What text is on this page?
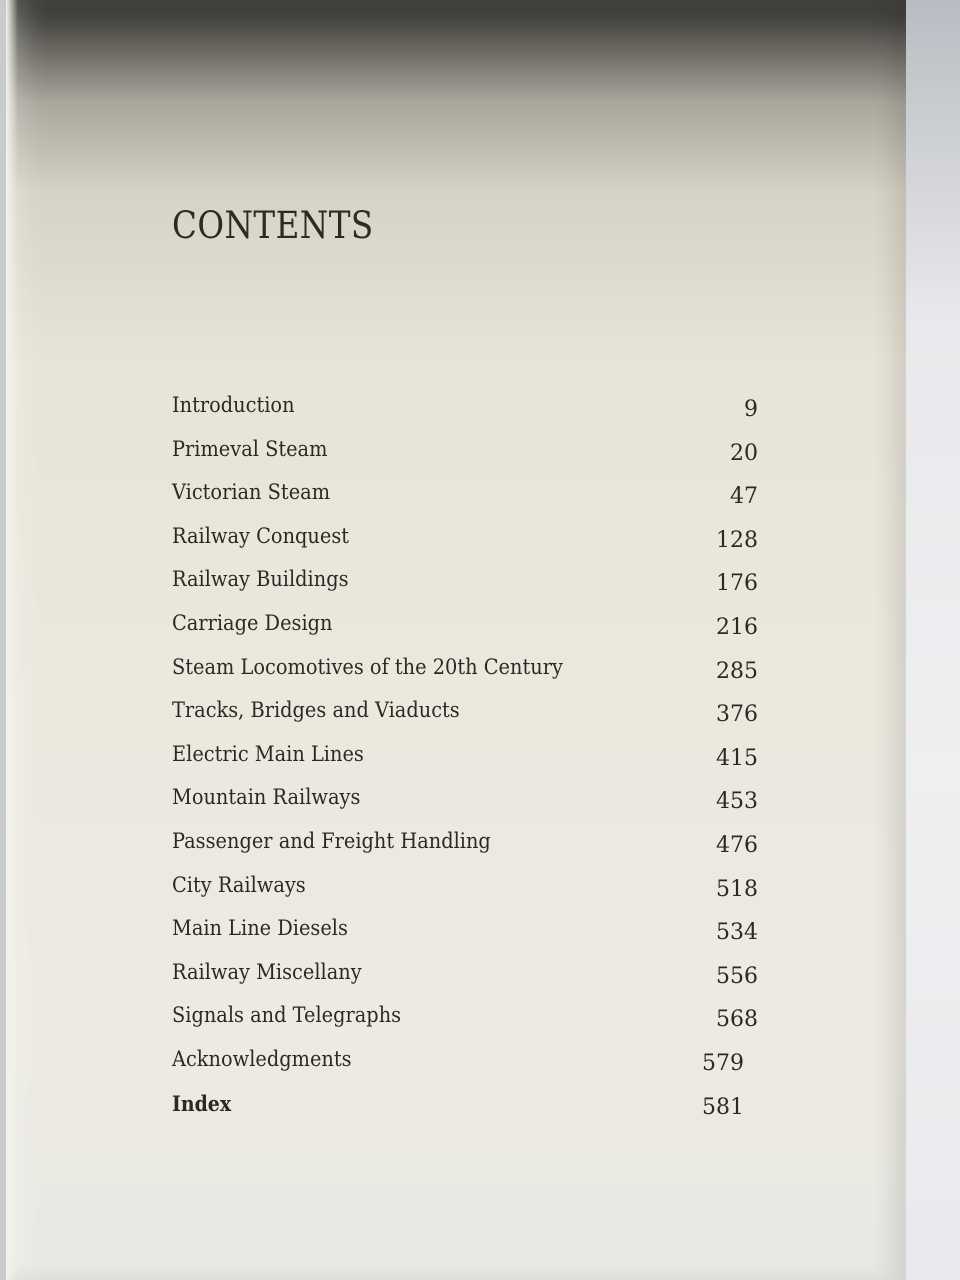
CONTENTS
Introduction	9
Primeval Steam	20
Victorian Steam	47
Railway Conquest	128
Railway Buildings	176
Carriage Design	216
Steam Locomotives of the 20th Century	285
Tracks, Bridges and Viaducts	376
Electric Main Lines	415
Mountain Railways	453
Passenger and Freight Handling	476
City Railways	518
Main Line Diesels	534
Railway Miscellany	556
Signals and Telegraphs	568
Acknowledgments	579
Index	581
